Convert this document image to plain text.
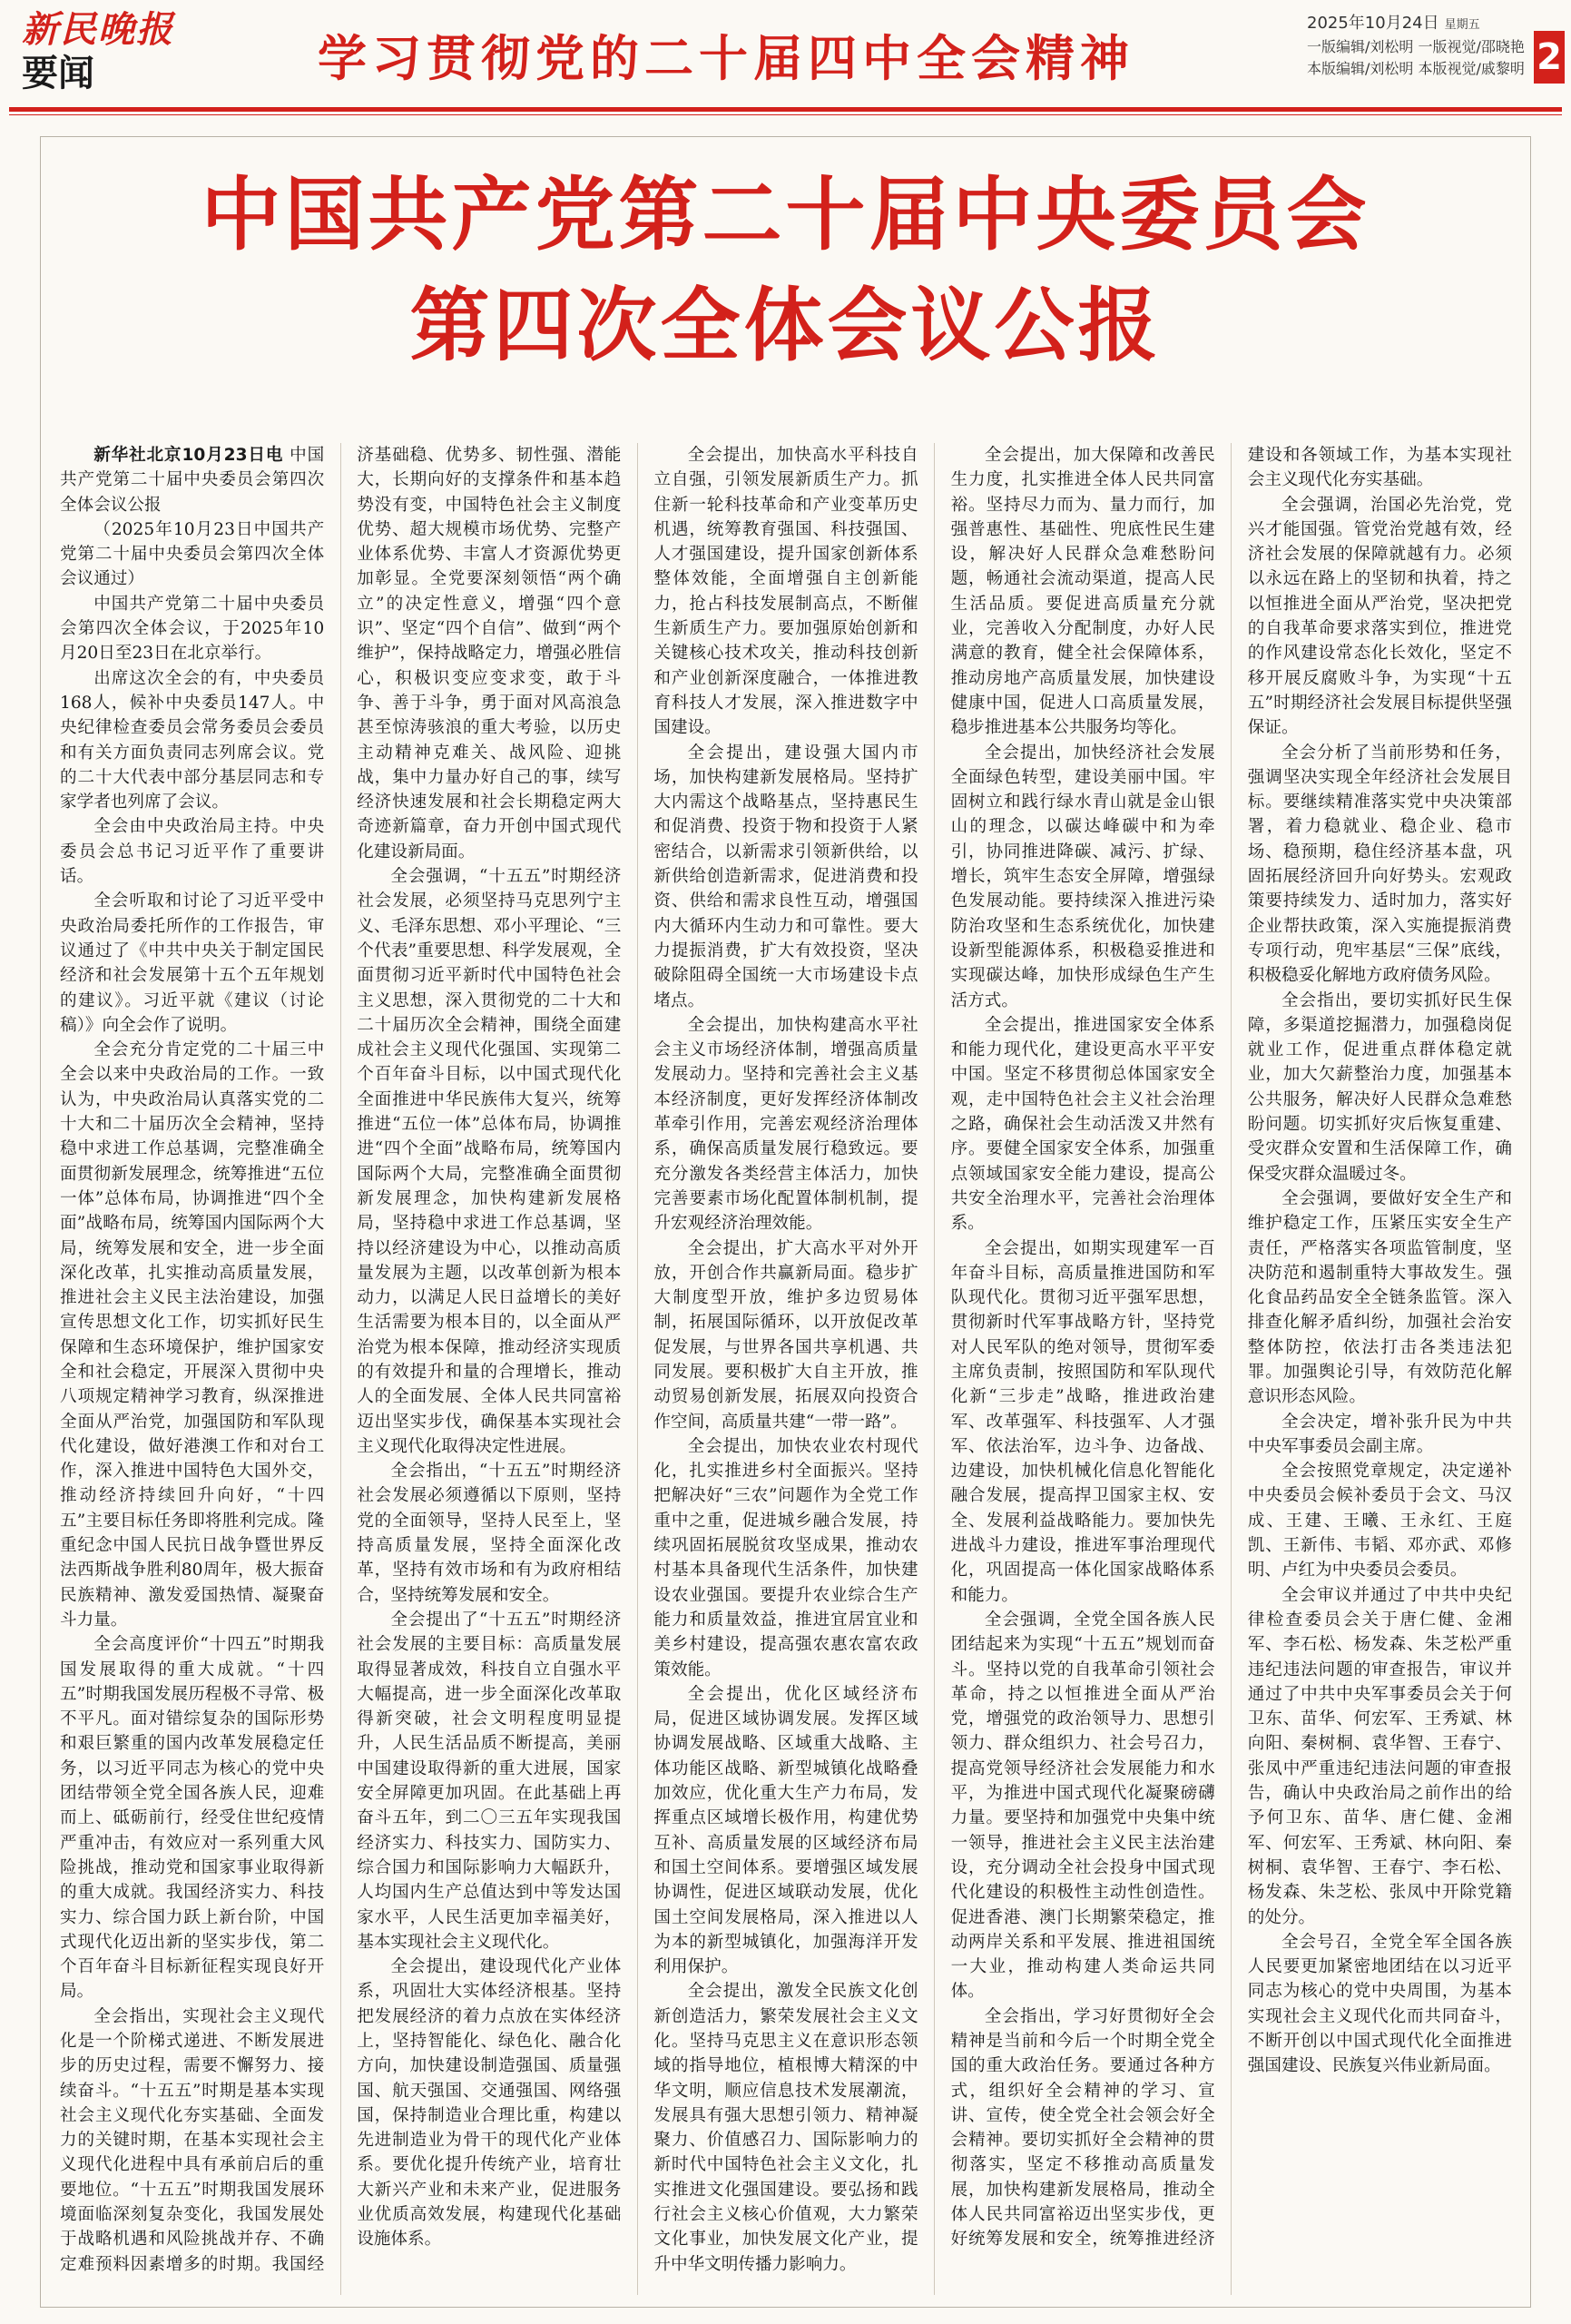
新民晚报
要闻	学习贯彻党的二十届四中全会精神
2025年10月24日 星期五
一版编辑/刘松明 一版视觉/邵晓艳
本版编辑/刘松明 本版视觉/戚黎明 2
中国共产党第二十届中央委员会
第四次全体会议公报

新华社北京10月23日电 中国共产党第二十届中央委员会第四次全体会议公报

（2025年10月23日中国共产党第二十届中央委员会第四次全体会议通过）

中国共产党第二十届中央委员会第四次全体会议，于2025年10月20日至23日在北京举行。

出席这次全会的有，中央委员168人，候补中央委员147人。中央纪律检查委员会常务委员会委员和有关方面负责同志列席会议。党的二十大代表中部分基层同志和专家学者也列席了会议。

全会由中央政治局主持。中央委员会总书记习近平作了重要讲话。

全会听取和讨论了习近平受中央政治局委托所作的工作报告，审议通过了《中共中央关于制定国民经济和社会发展第十五个五年规划的建议》。习近平就《建议（讨论稿）》向全会作了说明。

全会充分肯定党的二十届三中全会以来中央政治局的工作。一致认为，中央政治局认真落实党的二十大和二十届历次全会精神，坚持稳中求进工作总基调，完整准确全面贯彻新发展理念，统筹推进“五位一体”总体布局，协调推进“四个全面”战略布局，统筹国内国际两个大局，统筹发展和安全，进一步全面深化改革，扎实推动高质量发展，推进社会主义民主法治建设，加强宣传思想文化工作，切实抓好民生保障和生态环境保护，维护国家安全和社会稳定，开展深入贯彻中央八项规定精神学习教育，纵深推进全面从严治党，加强国防和军队现代化建设，做好港澳工作和对台工作，深入推进中国特色大国外交，推动经济持续回升向好，“十四五”主要目标任务即将胜利完成。隆重纪念中国人民抗日战争暨世界反法西斯战争胜利80周年，极大振奋民族精神、激发爱国热情、凝聚奋斗力量。

全会高度评价“十四五”时期我国发展取得的重大成就。“十四五”时期我国发展历程极不寻常、极不平凡。面对错综复杂的国际形势和艰巨繁重的国内改革发展稳定任务，以习近平同志为核心的党中央团结带领全党全国各族人民，迎难而上、砥砺前行，经受住世纪疫情严重冲击，有效应对一系列重大风险挑战，推动党和国家事业取得新的重大成就。我国经济实力、科技实力、综合国力跃上新台阶，中国式现代化迈出新的坚实步伐，第二个百年奋斗目标新征程实现良好开局。

全会指出，实现社会主义现代化是一个阶梯式递进、不断发展进步的历史过程，需要不懈努力、接续奋斗。“十五五”时期是基本实现社会主义现代化夯实基础、全面发力的关键时期，在基本实现社会主义现代化进程中具有承前启后的重要地位。“十五五”时期我国发展环境面临深刻复杂变化，我国发展处于战略机遇和风险挑战并存、不确定难预料因素增多的时期。我国经济基础稳、优势多、韧性强、潜能大，长期向好的支撑条件和基本趋势没有变，中国特色社会主义制度优势、超大规模市场优势、完整产业体系优势、丰富人才资源优势更加彰显。全党要深刻领悟“两个确立”的决定性意义，增强“四个意识”、坚定“四个自信”、做到“两个维护”，保持战略定力，增强必胜信心，积极识变应变求变，敢于斗争、善于斗争，勇于面对风高浪急甚至惊涛骇浪的重大考验，以历史主动精神克难关、战风险、迎挑战，集中力量办好自己的事，续写经济快速发展和社会长期稳定两大奇迹新篇章，奋力开创中国式现代化建设新局面。

全会强调，“十五五”时期经济社会发展，必须坚持马克思列宁主义、毛泽东思想、邓小平理论、“三个代表”重要思想、科学发展观，全面贯彻习近平新时代中国特色社会主义思想，深入贯彻党的二十大和二十届历次全会精神，围绕全面建成社会主义现代化强国、实现第二个百年奋斗目标，以中国式现代化全面推进中华民族伟大复兴，统筹推进“五位一体”总体布局，协调推进“四个全面”战略布局，统筹国内国际两个大局，完整准确全面贯彻新发展理念，加快构建新发展格局，坚持稳中求进工作总基调，坚持以经济建设为中心，以推动高质量发展为主题，以改革创新为根本动力，以满足人民日益增长的美好生活需要为根本目的，以全面从严治党为根本保障，推动经济实现质的有效提升和量的合理增长，推动人的全面发展、全体人民共同富裕迈出坚实步伐，确保基本实现社会主义现代化取得决定性进展。

全会指出，“十五五”时期经济社会发展必须遵循以下原则，坚持党的全面领导，坚持人民至上，坚持高质量发展，坚持全面深化改革，坚持有效市场和有为政府相结合，坚持统筹发展和安全。

全会提出了“十五五”时期经济社会发展的主要目标：高质量发展取得显著成效，科技自立自强水平大幅提高，进一步全面深化改革取得新突破，社会文明程度明显提升，人民生活品质不断提高，美丽中国建设取得新的重大进展，国家安全屏障更加巩固。在此基础上再奋斗五年，到二〇三五年实现我国经济实力、科技实力、国防实力、综合国力和国际影响力大幅跃升，人均国内生产总值达到中等发达国家水平，人民生活更加幸福美好，基本实现社会主义现代化。

全会提出，建设现代化产业体系，巩固壮大实体经济根基。坚持把发展经济的着力点放在实体经济上，坚持智能化、绿色化、融合化方向，加快建设制造强国、质量强国、航天强国、交通强国、网络强国，保持制造业合理比重，构建以先进制造业为骨干的现代化产业体系。要优化提升传统产业，培育壮大新兴产业和未来产业，促进服务业优质高效发展，构建现代化基础设施体系。

全会提出，加快高水平科技自立自强，引领发展新质生产力。抓住新一轮科技革命和产业变革历史机遇，统筹教育强国、科技强国、人才强国建设，提升国家创新体系整体效能，全面增强自主创新能力，抢占科技发展制高点，不断催生新质生产力。要加强原始创新和关键核心技术攻关，推动科技创新和产业创新深度融合，一体推进教育科技人才发展，深入推进数字中国建设。

全会提出，建设强大国内市场，加快构建新发展格局。坚持扩大内需这个战略基点，坚持惠民生和促消费、投资于物和投资于人紧密结合，以新需求引领新供给，以新供给创造新需求，促进消费和投资、供给和需求良性互动，增强国内大循环内生动力和可靠性。要大力提振消费，扩大有效投资，坚决破除阻碍全国统一大市场建设卡点堵点。

全会提出，加快构建高水平社会主义市场经济体制，增强高质量发展动力。坚持和完善社会主义基本经济制度，更好发挥经济体制改革牵引作用，完善宏观经济治理体系，确保高质量发展行稳致远。要充分激发各类经营主体活力，加快完善要素市场化配置体制机制，提升宏观经济治理效能。

全会提出，扩大高水平对外开放，开创合作共赢新局面。稳步扩大制度型开放，维护多边贸易体制，拓展国际循环，以开放促改革促发展，与世界各国共享机遇、共同发展。要积极扩大自主开放，推动贸易创新发展，拓展双向投资合作空间，高质量共建“一带一路”。

全会提出，加快农业农村现代化，扎实推进乡村全面振兴。坚持把解决好“三农”问题作为全党工作重中之重，促进城乡融合发展，持续巩固拓展脱贫攻坚成果，推动农村基本具备现代生活条件，加快建设农业强国。要提升农业综合生产能力和质量效益，推进宜居宜业和美乡村建设，提高强农惠农富农政策效能。

全会提出，优化区域经济布局，促进区域协调发展。发挥区域协调发展战略、区域重大战略、主体功能区战略、新型城镇化战略叠加效应，优化重大生产力布局，发挥重点区域增长极作用，构建优势互补、高质量发展的区域经济布局和国土空间体系。要增强区域发展协调性，促进区域联动发展，优化国土空间发展格局，深入推进以人为本的新型城镇化，加强海洋开发利用保护。

全会提出，激发全民族文化创新创造活力，繁荣发展社会主义文化。坚持马克思主义在意识形态领域的指导地位，植根博大精深的中华文明，顺应信息技术发展潮流，发展具有强大思想引领力、精神凝聚力、价值感召力、国际影响力的新时代中国特色社会主义文化，扎实推进文化强国建设。要弘扬和践行社会主义核心价值观，大力繁荣文化事业，加快发展文化产业，提升中华文明传播力影响力。

全会提出，加大保障和改善民生力度，扎实推进全体人民共同富裕。坚持尽力而为、量力而行，加强普惠性、基础性、兜底性民生建设，解决好人民群众急难愁盼问题，畅通社会流动渠道，提高人民生活品质。要促进高质量充分就业，完善收入分配制度，办好人民满意的教育，健全社会保障体系，推动房地产高质量发展，加快建设健康中国，促进人口高质量发展，稳步推进基本公共服务均等化。

全会提出，加快经济社会发展全面绿色转型，建设美丽中国。牢固树立和践行绿水青山就是金山银山的理念，以碳达峰碳中和为牵引，协同推进降碳、减污、扩绿、增长，筑牢生态安全屏障，增强绿色发展动能。要持续深入推进污染防治攻坚和生态系统优化，加快建设新型能源体系，积极稳妥推进和实现碳达峰，加快形成绿色生产生活方式。

全会提出，推进国家安全体系和能力现代化，建设更高水平平安中国。坚定不移贯彻总体国家安全观，走中国特色社会主义社会治理之路，确保社会生动活泼又井然有序。要健全国家安全体系，加强重点领域国家安全能力建设，提高公共安全治理水平，完善社会治理体系。

全会提出，如期实现建军一百年奋斗目标，高质量推进国防和军队现代化。贯彻习近平强军思想，贯彻新时代军事战略方针，坚持党对人民军队的绝对领导，贯彻军委主席负责制，按照国防和军队现代化新“三步走”战略，推进政治建军、改革强军、科技强军、人才强军、依法治军，边斗争、边备战、边建设，加快机械化信息化智能化融合发展，提高捍卫国家主权、安全、发展利益战略能力。要加快先进战斗力建设，推进军事治理现代化，巩固提高一体化国家战略体系和能力。

全会强调，全党全国各族人民团结起来为实现“十五五”规划而奋斗。坚持以党的自我革命引领社会革命，持之以恒推进全面从严治党，增强党的政治领导力、思想引领力、群众组织力、社会号召力，提高党领导经济社会发展能力和水平，为推进中国式现代化凝聚磅礴力量。要坚持和加强党中央集中统一领导，推进社会主义民主法治建设，充分调动全社会投身中国式现代化建设的积极性主动性创造性。促进香港、澳门长期繁荣稳定，推动两岸关系和平发展、推进祖国统一大业，推动构建人类命运共同体。

全会指出，学习好贯彻好全会精神是当前和今后一个时期全党全国的重大政治任务。要通过各种方式，组织好全会精神的学习、宣讲、宣传，使全党全社会领会好全会精神。要切实抓好全会精神的贯彻落实，坚定不移推动高质量发展，加快构建新发展格局，推动全体人民共同富裕迈出坚实步伐，更好统筹发展和安全，统筹推进经济建设和各领域工作，为基本实现社会主义现代化夯实基础。

全会强调，治国必先治党，党兴才能国强。管党治党越有效，经济社会发展的保障就越有力。必须以永远在路上的坚韧和执着，持之以恒推进全面从严治党，坚决把党的自我革命要求落实到位，推进党的作风建设常态化长效化，坚定不移开展反腐败斗争，为实现“十五五”时期经济社会发展目标提供坚强保证。

全会分析了当前形势和任务，强调坚决实现全年经济社会发展目标。要继续精准落实党中央决策部署，着力稳就业、稳企业、稳市场、稳预期，稳住经济基本盘，巩固拓展经济回升向好势头。宏观政策要持续发力、适时加力，落实好企业帮扶政策，深入实施提振消费专项行动，兜牢基层“三保”底线，积极稳妥化解地方政府债务风险。

全会指出，要切实抓好民生保障，多渠道挖掘潜力，加强稳岗促就业工作，促进重点群体稳定就业，加大欠薪整治力度，加强基本公共服务，解决好人民群众急难愁盼问题。切实抓好灾后恢复重建、受灾群众安置和生活保障工作，确保受灾群众温暖过冬。

全会强调，要做好安全生产和维护稳定工作，压紧压实安全生产责任，严格落实各项监管制度，坚决防范和遏制重特大事故发生。强化食品药品安全全链条监管。深入排查化解矛盾纠纷，加强社会治安整体防控，依法打击各类违法犯罪。加强舆论引导，有效防范化解意识形态风险。

全会决定，增补张升民为中共中央军事委员会副主席。

全会按照党章规定，决定递补中央委员会候补委员于会文、马汉成、王建、王曦、王永红、王庭凯、王新伟、韦韬、邓亦武、邓修明、卢红为中央委员会委员。

全会审议并通过了中共中央纪律检查委员会关于唐仁健、金湘军、李石松、杨发森、朱芝松严重违纪违法问题的审查报告，审议并通过了中共中央军事委员会关于何卫东、苗华、何宏军、王秀斌、林向阳、秦树桐、袁华智、王春宁、张凤中严重违纪违法问题的审查报告，确认中央政治局之前作出的给予何卫东、苗华、唐仁健、金湘军、何宏军、王秀斌、林向阳、秦树桐、袁华智、王春宁、李石松、杨发森、朱芝松、张凤中开除党籍的处分。

全会号召，全党全军全国各族人民要更加紧密地团结在以习近平同志为核心的党中央周围，为基本实现社会主义现代化而共同奋斗，不断开创以中国式现代化全面推进强国建设、民族复兴伟业新局面。
